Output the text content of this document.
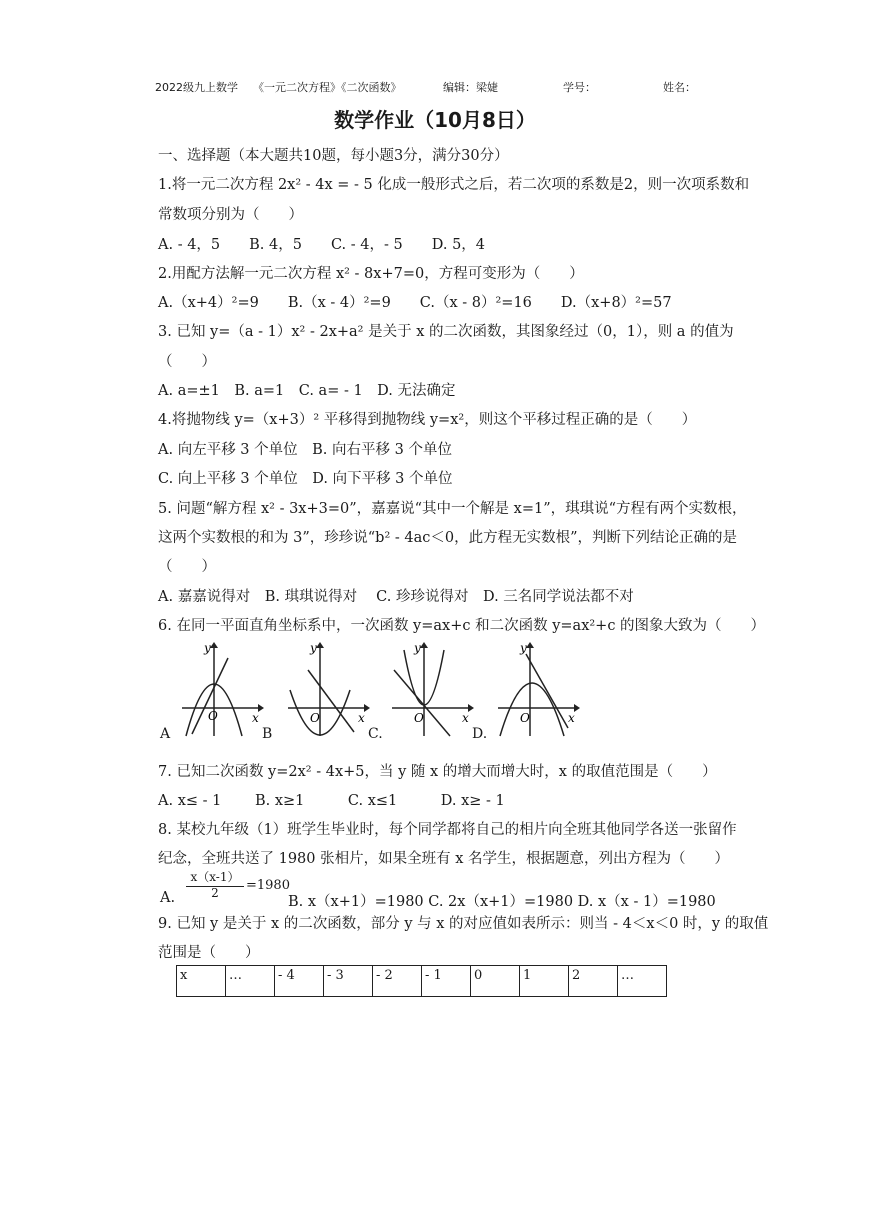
2022级九上数学 《一元二次方程》《二次函数》	编辑：梁婕	学号：	姓名：
数学作业（10月8日）
一、选择题（本大题共10题，每小题3分，满分30分）
1.将一元二次方程 2x² - 4x = - 5 化成一般形式之后，若二次项的系数是2，则一次项系数和
常数项分别为（　　）
A. - 4，5　　B. 4，5　　C. - 4，- 5　　D. 5，4
2.用配方法解一元二次方程 x² - 8x+7=0，方程可变形为（　　）
A.（x+4）²=9　　B.（x - 4）²=9　　C.（x - 8）²=16　　D.（x+8）²=57
3. 已知 y=（a - 1）x² - 2x+a² 是关于 x 的二次函数，其图象经过（0，1），则 a 的值为
（　　）
A. a=±1　B. a=1　C. a= - 1　D. 无法确定
4.将抛物线 y=（x+3）² 平移得到抛物线 y=x²，则这个平移过程正确的是（　　）
A. 向左平移 3 个单位　B. 向右平移 3 个单位
C. 向上平移 3 个单位　D. 向下平移 3 个单位
5. 问题“解方程 x² - 3x+3=0”，嘉嘉说“其中一个解是 x=1”，琪琪说“方程有两个实数根，
这两个实数根的和为 3”，珍珍说“b² - 4ac＜0，此方程无实数根”，判断下列结论正确的是
（　　）
A. 嘉嘉说得对　B. 琪琪说得对　 C. 珍珍说得对　D. 三名同学说法都不对
6. 在同一平面直角坐标系中，一次函数 y=ax+c 和二次函数 y=ax²+c 的图象大致为（　　）
7. 已知二次函数 y=2x² - 4x+5，当 y 随 x 的增大而增大时，x 的取值范围是（　　）
A. x≤ - 1　　 B. x≥1　　　C. x≤1　　　D. x≥ - 1
8. 某校九年级（1）班学生毕业时，每个同学都将自己的相片向全班其他同学各送一张留作
纪念，全班共送了 1980 张相片，如果全班有 x 名学生，根据题意，列出方程为（　　）
9. 已知 y 是关于 x 的二次函数，部分 y 与 x 的对应值如表所示：则当 - 4＜x＜0 时，y 的取值
范围是（　　）
O	x
y
O	x
y
O	x
y
O	x
y
A	B	C.	D.
A.
x（x-1）
2	=1980
B. x（x+1）=1980 C. 2x（x+1）=1980 D. x（x - 1）=1980
x	…	- 4	- 3	- 2	- 1	0	1	2	…
